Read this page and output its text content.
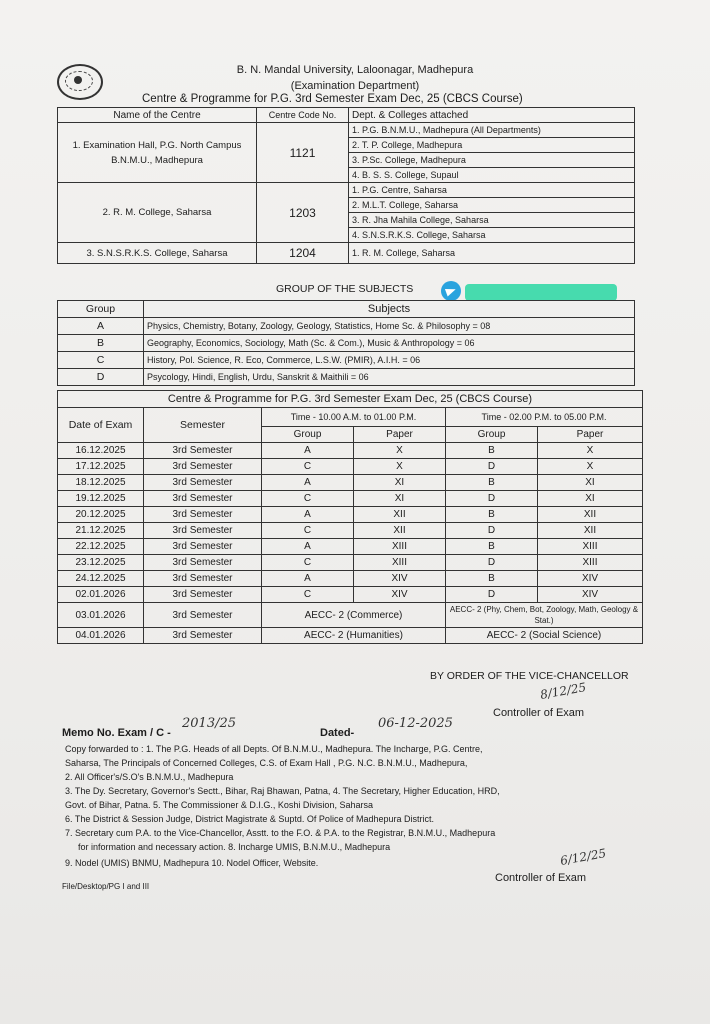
B. N. Mandal University, Laloonagar, Madhepura
(Examination Department)
Centre & Programme for P.G. 3rd Semester Exam Dec, 25 (CBCS Course)
Name of the Centre	Centre Code No.	Dept. & Colleges attached
1. Examination Hall, P.G. North Campus B.N.M.U., Madhepura	1121	1. P.G. B.N.M.U., Madhepura (All Departments)
		2. T. P. College, Madhepura
		3. P.Sc. College, Madhepura
		4. B. S. S. College, Supaul
2. R. M. College, Saharsa	1203	1. P.G. Centre, Saharsa
		2. M.L.T. College, Saharsa
		3. R. Jha Mahila College, Saharsa
		4. S.N.S.R.K.S. College, Saharsa
3. S.N.S.R.K.S. College, Saharsa	1204	1. R. M. College, Saharsa
GROUP OF THE SUBJECTS
Group	Subjects
A	Physics, Chemistry, Botany, Zoology, Geology, Statistics, Home Sc. & Philosophy = 08
B	Geography, Economics, Sociology, Math (Sc. & Com.), Music & Anthropology = 06
C	History, Pol. Science, R. Eco, Commerce, L.S.W. (PMIR), A.I.H. = 06
D	Psycology, Hindi, English, Urdu, Sanskrit & Maithili = 06
Centre & Programme for P.G. 3rd Semester Exam Dec, 25 (CBCS Course)					
Date of Exam	Semester	Time - 10.00 A.M. to 01.00 P.M.		Time - 02.00 P.M. to 05.00 P.M.	
		Group	Paper	Group	Paper
16.12.2025	3rd Semester	A	X	B	X
17.12.2025	3rd Semester	C	X	D	X
18.12.2025	3rd Semester	A	XI	B	XI
19.12.2025	3rd Semester	C	XI	D	XI
20.12.2025	3rd Semester	A	XII	B	XII
21.12.2025	3rd Semester	C	XII	D	XII
22.12.2025	3rd Semester	A	XIII	B	XIII
23.12.2025	3rd Semester	C	XIII	D	XIII
24.12.2025	3rd Semester	A	XIV	B	XIV
02.01.2026	3rd Semester	C	XIV	D	XIV
03.01.2026	3rd Semester	AECC- 2 (Commerce)		AECC- 2 (Phy, Chem, Bot, Zoology, Math, Geology & Stat.)	
04.01.2026	3rd Semester	AECC- 2 (Humanities)		AECC- 2 (Social Science)	
BY ORDER OF THE VICE-CHANCELLOR
8/12/25
Controller of Exam
Memo No. Exam / C -
2013/25
Dated-
06-12-2025
Copy forwarded to : 1. The P.G. Heads of all Depts. Of B.N.M.U., Madhepura. The Incharge, P.G. Centre,
Saharsa, The Principals of Concerned Colleges, C.S. of Exam Hall , P.G. N.C. B.N.M.U., Madhepura,
2. All Officer's/S.O's B.N.M.U., Madhepura
3. The Dy. Secretary, Governor's Sectt., Bihar, Raj Bhawan, Patna, 4. The Secretary, Higher Education, HRD,
Govt. of Bihar, Patna. 5. The Commissioner & D.I.G., Koshi Division, Saharsa
6. The District & Session Judge, District Magistrate & Suptd. Of Police of Madhepura District.
7. Secretary cum P.A. to the Vice-Chancellor, Asstt. to the F.O. & P.A. to the Registrar, B.N.M.U., Madhepura
for information and necessary action. 8. Incharge UMIS, B.N.M.U., Madhepura
9. Nodel (UMIS) BNMU, Madhepura 10. Nodel Officer, Website.	6/12/25
Controller of Exam
File/Desktop/PG I and III
